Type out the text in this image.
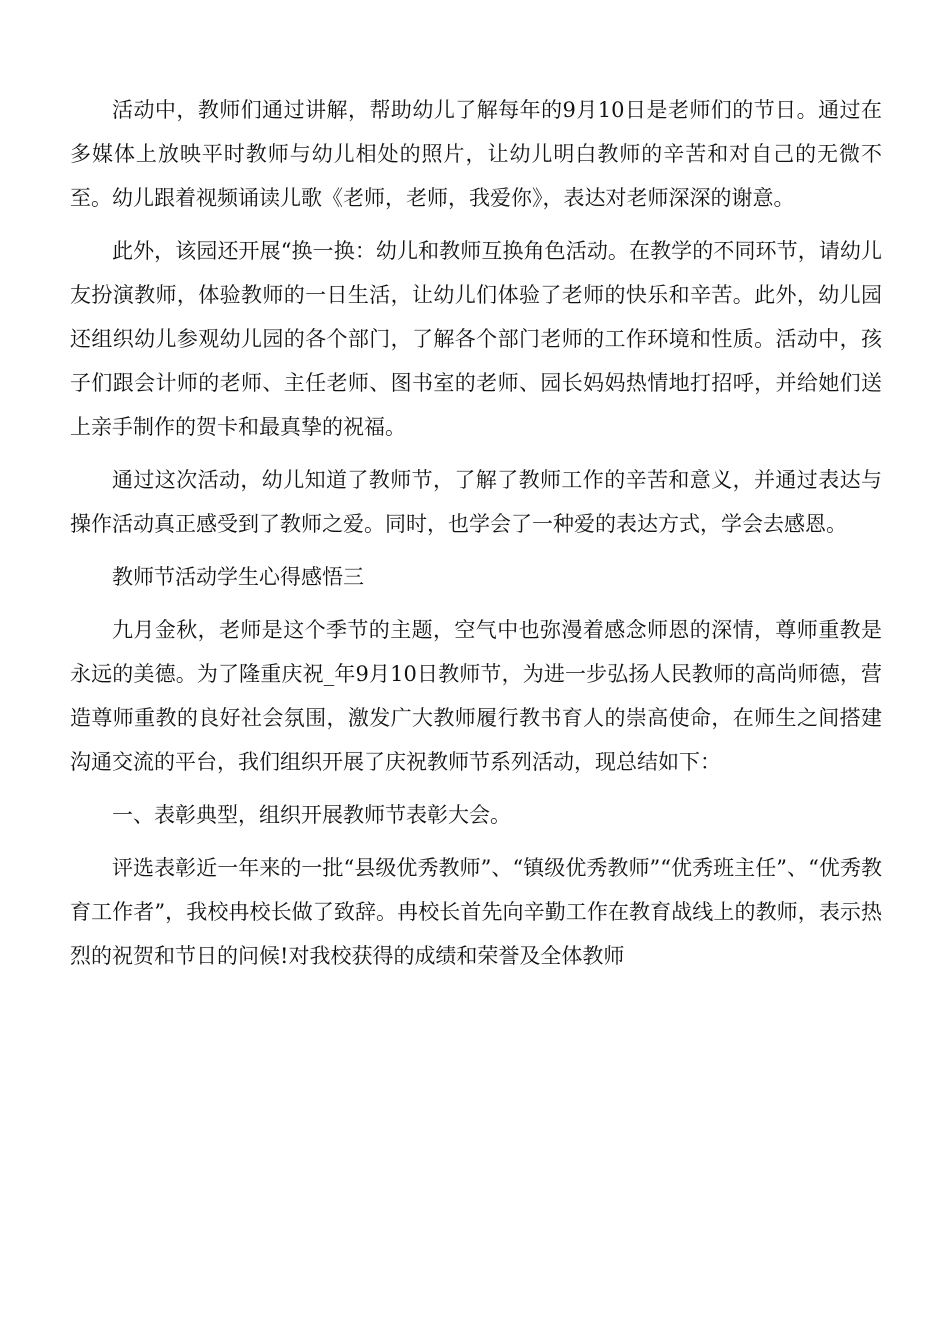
活动中，教师们通过讲解，帮助幼儿了解每年的9月10日是老师们的节日。通过在多媒体上放映平时教师与幼儿相处的照片，让幼儿明白教师的辛苦和对自己的无微不至。幼儿跟着视频诵读儿歌《老师，老师，我爱你》，表达对老师深深的谢意。

此外，该园还开展“换一换：幼儿和教师互换角色活动。在教学的不同环节，请幼儿友扮演教师，体验教师的一日生活，让幼儿们体验了老师的快乐和辛苦。此外，幼儿园还组织幼儿参观幼儿园的各个部门，了解各个部门老师的工作环境和性质。活动中，孩子们跟会计师的老师、主任老师、图书室的老师、园长妈妈热情地打招呼，并给她们送上亲手制作的贺卡和最真挚的祝福。

通过这次活动，幼儿知道了教师节，了解了教师工作的辛苦和意义，并通过表达与操作活动真正感受到了教师之爱。同时，也学会了一种爱的表达方式，学会去感恩。

教师节活动学生心得感悟三

九月金秋，老师是这个季节的主题，空气中也弥漫着感念师恩的深情，尊师重教是永远的美德。为了隆重庆祝_年9月10日教师节，为进一步弘扬人民教师的高尚师德，营造尊师重教的良好社会氛围，激发广大教师履行教书育人的崇高使命，在师生之间搭建沟通交流的平台，我们组织开展了庆祝教师节系列活动，现总结如下：

一、表彰典型，组织开展教师节表彰大会。

评选表彰近一年来的一批“县级优秀教师”、“镇级优秀教师”“优秀班主任”、“优秀教育工作者”，我校冉校长做了致辞。冉校长首先向辛勤工作在教育战线上的教师，表示热烈的祝贺和节日的问候!对我校获得的成绩和荣誉及全体教师
